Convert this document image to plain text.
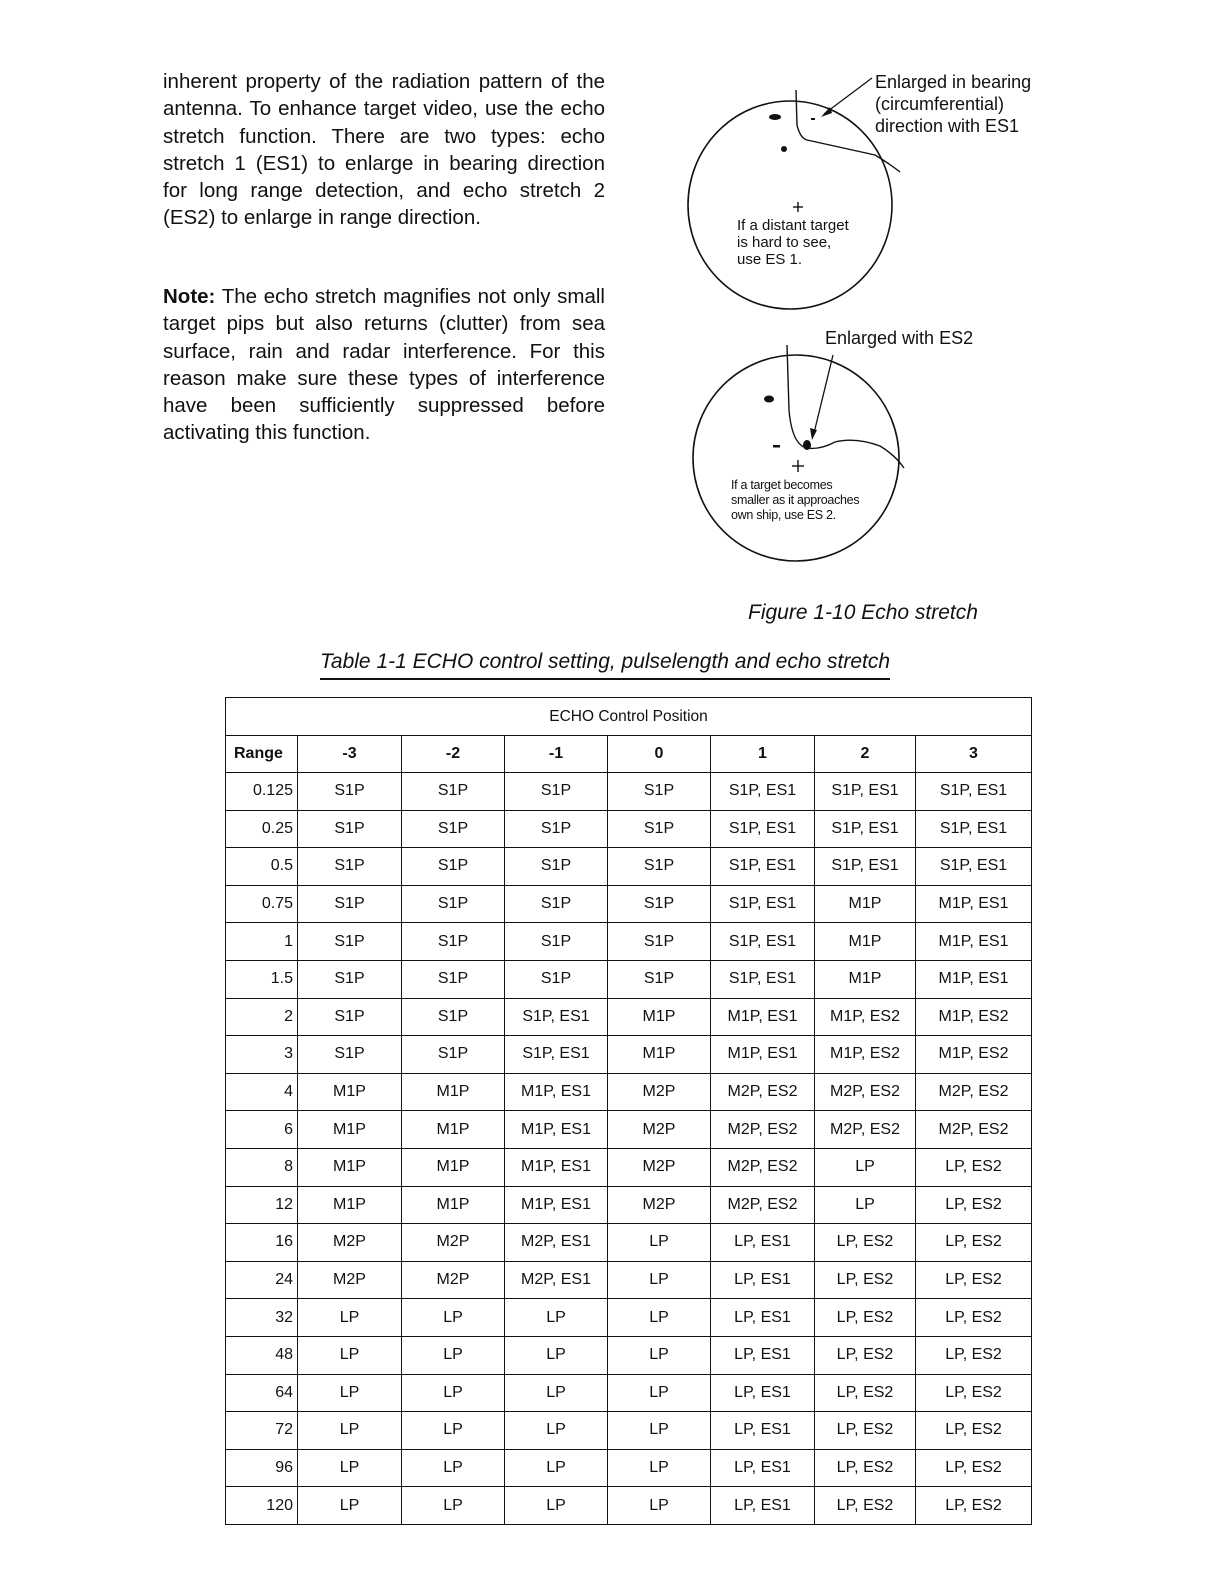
inherent property of the radiation pattern of the antenna. To enhance target video, use the echo stretch function. There are two types: echo stretch 1 (ES1) to enlarge in bearing direction for long range detection, and echo stretch 2 (ES2) to enlarge in range direction.

Note: The echo stretch magnifies not only small target pips but also returns (clutter) from sea surface, rain and radar interference. For this reason make sure these types of interference have been sufficiently suppressed before activating this function.

Enlarged in bearing
(circumferential)
direction with ES1
If a distant target
is hard to see,
use ES 1.
Enlarged with ES2
If a target becomes
smaller as it approaches
own ship, use ES 2.
Figure 1-10 Echo stretch
Table 1-1 ECHO control setting, pulselength and echo stretch
ECHO Control Position							
Range	-3	-2	-1	0	1	2	3
0.125	S1P	S1P	S1P	S1P	S1P, ES1	S1P, ES1	S1P, ES1
0.25	S1P	S1P	S1P	S1P	S1P, ES1	S1P, ES1	S1P, ES1
0.5	S1P	S1P	S1P	S1P	S1P, ES1	S1P, ES1	S1P, ES1
0.75	S1P	S1P	S1P	S1P	S1P, ES1	M1P	M1P, ES1
1	S1P	S1P	S1P	S1P	S1P, ES1	M1P	M1P, ES1
1.5	S1P	S1P	S1P	S1P	S1P, ES1	M1P	M1P, ES1
2	S1P	S1P	S1P, ES1	M1P	M1P, ES1	M1P, ES2	M1P, ES2
3	S1P	S1P	S1P, ES1	M1P	M1P, ES1	M1P, ES2	M1P, ES2
4	M1P	M1P	M1P, ES1	M2P	M2P, ES2	M2P, ES2	M2P, ES2
6	M1P	M1P	M1P, ES1	M2P	M2P, ES2	M2P, ES2	M2P, ES2
8	M1P	M1P	M1P, ES1	M2P	M2P, ES2	LP	LP, ES2
12	M1P	M1P	M1P, ES1	M2P	M2P, ES2	LP	LP, ES2
16	M2P	M2P	M2P, ES1	LP	LP, ES1	LP, ES2	LP, ES2
24	M2P	M2P	M2P, ES1	LP	LP, ES1	LP, ES2	LP, ES2
32	LP	LP	LP	LP	LP, ES1	LP, ES2	LP, ES2
48	LP	LP	LP	LP	LP, ES1	LP, ES2	LP, ES2
64	LP	LP	LP	LP	LP, ES1	LP, ES2	LP, ES2
72	LP	LP	LP	LP	LP, ES1	LP, ES2	LP, ES2
96	LP	LP	LP	LP	LP, ES1	LP, ES2	LP, ES2
120	LP	LP	LP	LP	LP, ES1	LP, ES2	LP, ES2
